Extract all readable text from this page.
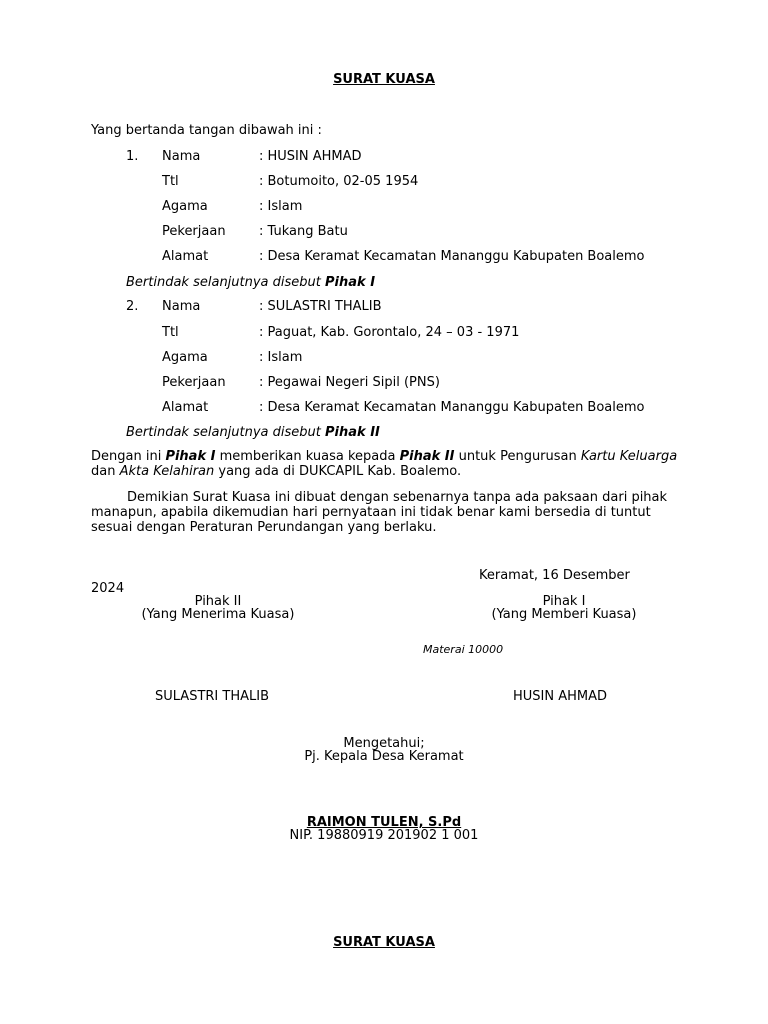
SURAT KUASA
Yang bertanda tangan dibawah ini :
1. Nama	: HUSIN AHMAD
Ttl	: Botumoito, 02-05 1954
Agama	: Islam
Pekerjaan	: Tukang Batu
Alamat	: Desa Keramat Kecamatan Mananggu Kabupaten Boalemo
Bertindak selanjutnya disebut Pihak I
2. Nama	: SULASTRI THALIB
Ttl	: Paguat, Kab. Gorontalo, 24 – 03 - 1971
Agama	: Islam
Pekerjaan	: Pegawai Negeri Sipil (PNS)
Alamat	: Desa Keramat Kecamatan Mananggu Kabupaten Boalemo
Bertindak selanjutnya disebut Pihak II
Dengan ini Pihak I memberikan kuasa kepada Pihak II untuk Pengurusan Kartu Keluarga dan Akta Kelahiran yang ada di DUKCAPIL Kab. Boalemo.
Demikian Surat Kuasa ini dibuat dengan sebenarnya tanpa ada paksaan dari pihak manapun, apabila dikemudian hari pernyataan ini tidak benar kami bersedia di tuntut sesuai dengan Peraturan Perundangan yang berlaku.
Keramat, 16 Desember
2024
Pihak II
(Yang Menerima Kuasa)
Pihak I
(Yang Memberi Kuasa)
Materai 10000
SULASTRI THALIB	HUSIN AHMAD
Mengetahui;
Pj. Kepala Desa Keramat
RAIMON TULEN, S.Pd
NIP. 19880919 201902 1 001
SURAT KUASA
